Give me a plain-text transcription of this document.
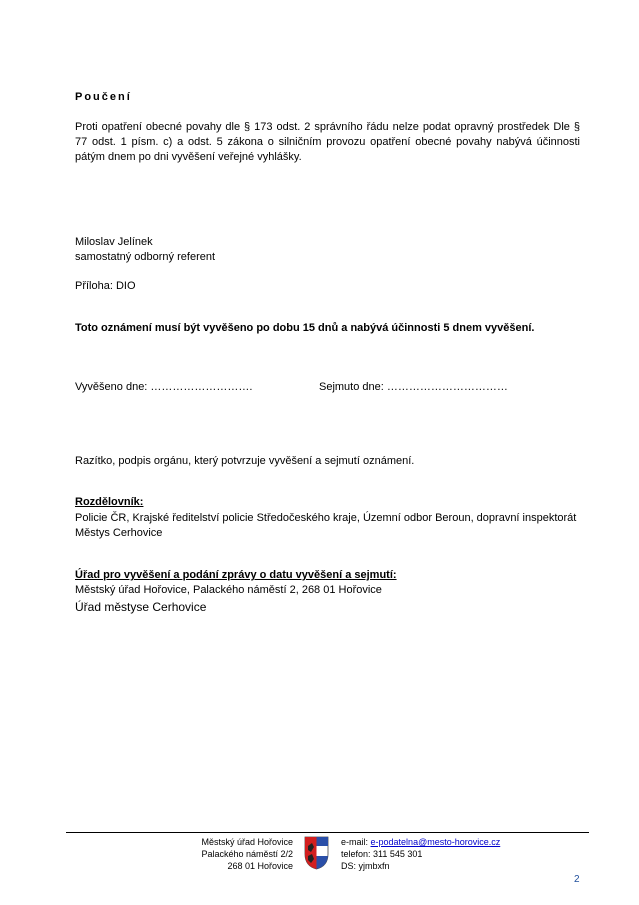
Poučení
Proti opatření obecné povahy dle § 173 odst. 2 správního řádu nelze podat opravný prostředek Dle § 77 odst. 1 písm. c) a odst. 5 zákona o silničním provozu opatření obecné povahy nabývá účinnosti pátým dnem po dni vyvěšení veřejné vyhlášky.
Miloslav Jelínek
samostatný odborný referent
Příloha: DIO
Toto oznámení musí být vyvěšeno po dobu 15 dnů a nabývá účinnosti 5 dnem vyvěšení.
Vyvěšeno dne: ……………………….	Sejmuto dne: ……………………………
Razítko, podpis orgánu, který potvrzuje vyvěšení a sejmutí oznámení.
Rozdělovník:
Policie ČR, Krajské ředitelství policie Středočeského kraje, Územní odbor Beroun, dopravní inspektorát
Městys Cerhovice
Úřad pro vyvěšení a podání zprávy o datu vyvěšení a sejmutí:
Městský úřad Hořovice, Palackého náměstí 2, 268 01 Hořovice
Úřad městyse Cerhovice
Městský úřad Hořovice
Palackého náměstí 2/2
268 01 Hořovice
e-mail: e-podatelna@mesto-horovice.cz
telefon: 311 545 301
DS: yjmbxfn
2
